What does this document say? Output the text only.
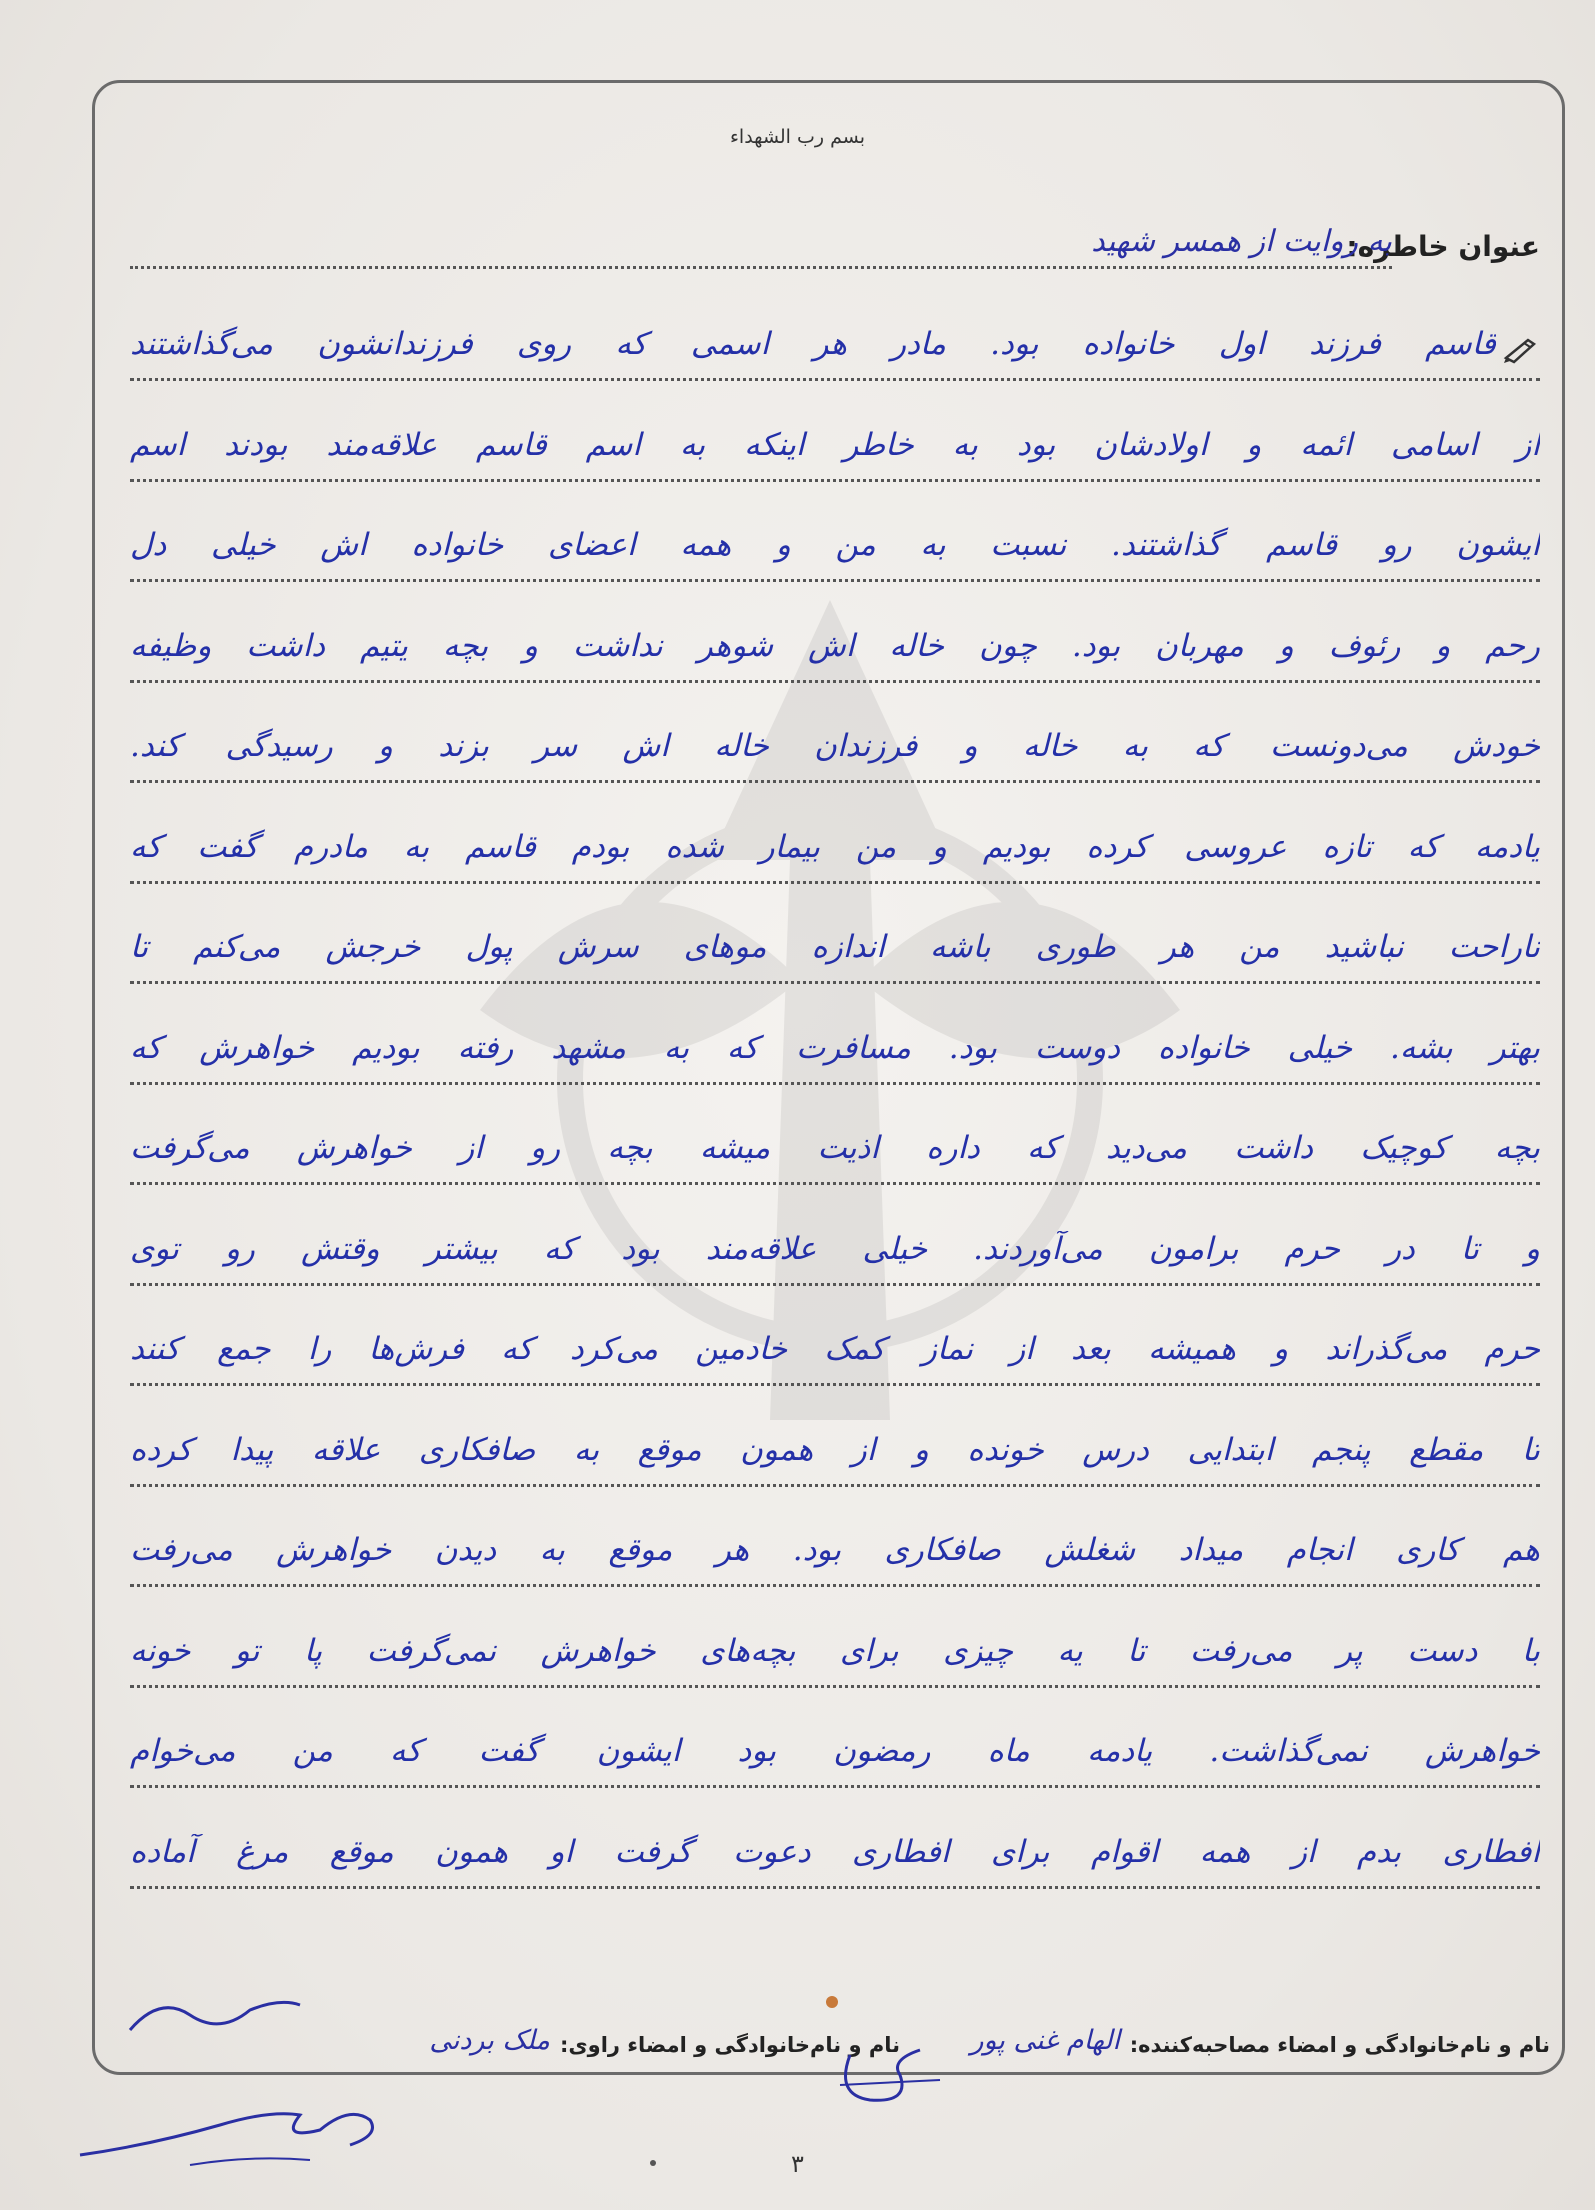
بسم رب الشهداء
عنوان خاطره:
به روایت از همسر شهید
قاسم فرزند اول خانواده بود. مادر هر اسمی که روی فرزندانشون می‌گذاشتند
از اسامی ائمه و اولادشان بود به خاطر اینکه به اسم قاسم علاقه‌مند بودند اسم
ایشون رو قاسم گذاشتند. نسبت به من و همه اعضای خانواده اش خیلی دل
رحم و رئوف و مهربان بود. چون خاله اش شوهر نداشت و بچه یتیم داشت وظیفه
خودش می‌دونست که به خاله و فرزندان خاله اش سر بزند و رسیدگی کند.
یادمه که تازه عروسی کرده بودیم و من بیمار شده بودم قاسم به مادرم گفت که
ناراحت نباشید من هر طوری باشه اندازه موهای سرش پول خرجش می‌کنم تا
بهتر بشه. خیلی خانواده دوست بود. مسافرت که به مشهد رفته بودیم خواهرش که
بچه کوچیک داشت می‌دید که داره اذیت میشه بچه رو از خواهرش می‌گرفت
و تا در حرم برامون می‌آوردند. خیلی علاقه‌مند بود که بیشتر وقتش رو توی
حرم می‌گذراند و همیشه بعد از نماز کمک خادمین می‌کرد که فرش‌ها را جمع کنند
تا مقطع پنجم ابتدایی درس خونده و از همون موقع به صافکاری علاقه پیدا کرده
هم کاری انجام میداد شغلش صافکاری بود. هر موقع به دیدن خواهرش می‌رفت
با دست پر می‌رفت تا یه چیزی برای بچه‌های خواهرش نمی‌گرفت پا تو خونه
خواهرش نمی‌گذاشت. یادمه ماه رمضون بود ایشون گفت که من می‌خوام
افطاری بدم از همه اقوام برای افطاری دعوت گرفت او همون موقع مرغ آماده
نام و نام‌خانوادگی و امضاء مصاحبه‌کننده:
الهام غنی پور
نام و نام‌خانوادگی و امضاء راوی:
ملک بردنی
۳
